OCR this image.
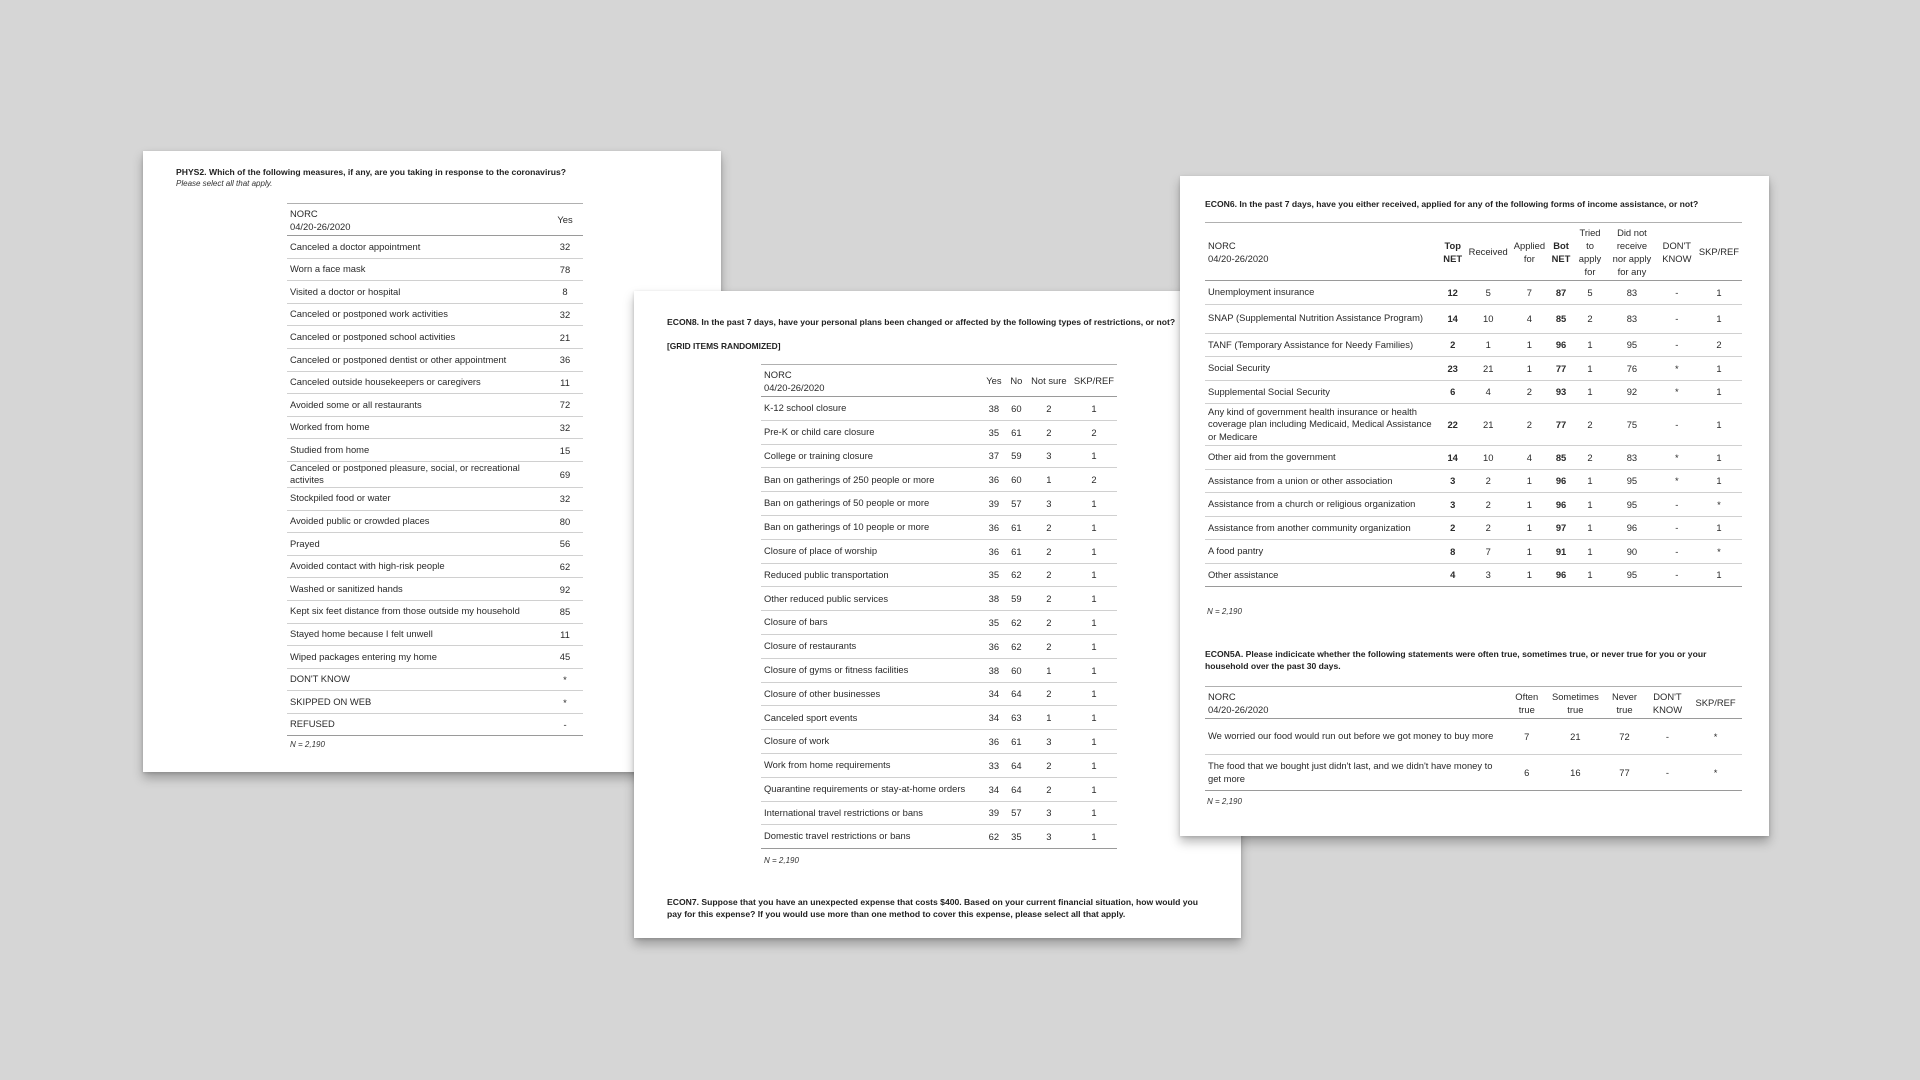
PHYS2. Which of the following measures, if any, are you taking in response to the coronavirus?
Please select all that apply.
NORC
04/20-26/2020	Yes
Canceled a doctor appointment	32
Worn a face mask	78
Visited a doctor or hospital	8
Canceled or postponed work activities	32
Canceled or postponed school activities	21
Canceled or postponed dentist or other appointment	36
Canceled outside housekeepers or caregivers	11
Avoided some or all restaurants	72
Worked from home	32
Studied from home	15
Canceled or postponed pleasure, social, or recreational activites	69
Stockpiled food or water	32
Avoided public or crowded places	80
Prayed	56
Avoided contact with high-risk people	62
Washed or sanitized hands	92
Kept six feet distance from those outside my household	85
Stayed home because I felt unwell	11
Wiped packages entering my home	45
DON'T KNOW	*
SKIPPED ON WEB	*
REFUSED	-
N = 2,190
ECON8. In the past 7 days, have your personal plans been changed or affected by the following types of restrictions, or not?
[GRID ITEMS RANDOMIZED]
NORC
04/20-26/2020	Yes	No	Not sure	SKP/REF
K-12 school closure	38	60	2	1
Pre-K or child care closure	35	61	2	2
College or training closure	37	59	3	1
Ban on gatherings of 250 people or more	36	60	1	2
Ban on gatherings of 50 people or more	39	57	3	1
Ban on gatherings of 10 people or more	36	61	2	1
Closure of place of worship	36	61	2	1
Reduced public transportation	35	62	2	1
Other reduced public services	38	59	2	1
Closure of bars	35	62	2	1
Closure of restaurants	36	62	2	1
Closure of gyms or fitness facilities	38	60	1	1
Closure of other businesses	34	64	2	1
Canceled sport events	34	63	1	1
Closure of work	36	61	3	1
Work from home requirements	33	64	2	1
Quarantine requirements or stay-at-home orders	34	64	2	1
International travel restrictions or bans	39	57	3	1
Domestic travel restrictions or bans	62	35	3	1
N = 2,190
ECON7. Suppose that you have an unexpected expense that costs $400. Based on your current financial situation, how would you pay for this expense? If you would use more than one method to cover this expense, please select all that apply.
ECON6. In the past 7 days, have you either received, applied for any of the following forms of income assistance, or not?
NORC
04/20-26/2020	Top NET	Received	Applied for	Bot NET	Tried to apply for	Did not receive nor apply for any	DON'T KNOW	SKP/REF
Unemployment insurance	12	5	7	87	5	83	-	1
SNAP (Supplemental Nutrition Assistance Program)	14	10	4	85	2	83	-	1
TANF (Temporary Assistance for Needy Families)	2	1	1	96	1	95	-	2
Social Security	23	21	1	77	1	76	*	1
Supplemental Social Security	6	4	2	93	1	92	*	1
Any kind of government health insurance or health coverage plan including Medicaid, Medical Assistance or Medicare	22	21	2	77	2	75	-	1
Other aid from the government	14	10	4	85	2	83	*	1
Assistance from a union or other association	3	2	1	96	1	95	*	1
Assistance from a church or religious organization	3	2	1	96	1	95	-	*
Assistance from another community organization	2	2	1	97	1	96	-	1
A food pantry	8	7	1	91	1	90	-	*
Other assistance	4	3	1	96	1	95	-	1
N = 2,190
ECON5A. Please indicicate whether the following statements were often true, sometimes true, or never true for you or your household over the past 30 days.
NORC
04/20-26/2020	Often true	Sometimes true	Never true	DON'T KNOW	SKP/REF
We worried our food would run out before we got money to buy more	7	21	72	-	*
The food that we bought just didn't last, and we didn't have money to get more	6	16	77	-	*
N = 2,190
